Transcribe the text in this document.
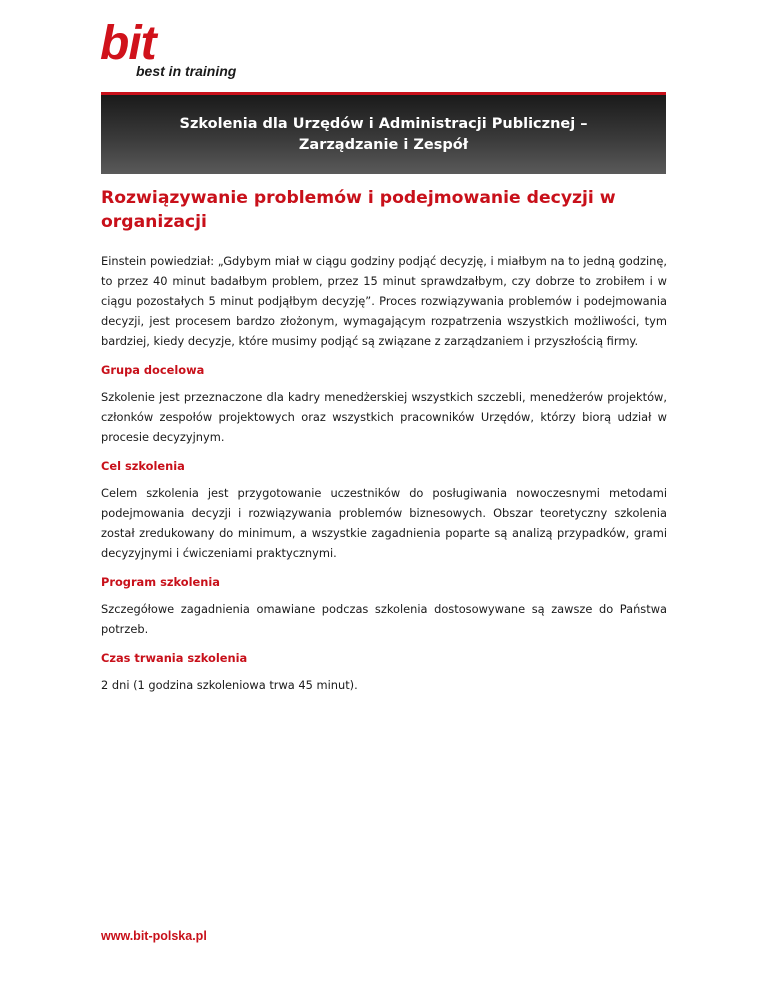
bit
best in training
Szkolenia dla Urzędów i Administracji Publicznej –
Zarządzanie i Zespół
Rozwiązywanie problemów i podejmowanie decyzji w organizacji

Einstein powiedział: „Gdybym miał w ciągu godziny podjąć decyzję, i miałbym na to jedną godzinę, to przez 40 minut badałbym problem, przez 15 minut sprawdzałbym, czy dobrze to zrobiłem i w ciągu pozostałych 5 minut podjąłbym decyzję”. Proces rozwiązywania problemów i podejmowania decyzji, jest procesem bardzo złożonym, wymagającym rozpatrzenia wszystkich możliwości, tym bardziej, kiedy decyzje, które musimy podjąć są związane z zarządzaniem i przyszłością firmy.

Grupa docelowa

Szkolenie jest przeznaczone dla kadry menedżerskiej wszystkich szczebli, menedżerów projektów, członków zespołów projektowych oraz wszystkich pracowników Urzędów, którzy biorą udział w procesie decyzyjnym.

Cel szkolenia

Celem szkolenia jest przygotowanie uczestników do posługiwania nowoczesnymi metodami podejmowania decyzji i rozwiązywania problemów biznesowych. Obszar teoretyczny szkolenia został zredukowany do minimum, a wszystkie zagadnienia poparte są analizą przypadków, grami decyzyjnymi i ćwiczeniami praktycznymi.

Program szkolenia

Szczegółowe zagadnienia omawiane podczas szkolenia dostosowywane są zawsze do Państwa potrzeb.

Czas trwania szkolenia

2 dni (1 godzina szkoleniowa trwa 45 minut).

www.bit-polska.pl
